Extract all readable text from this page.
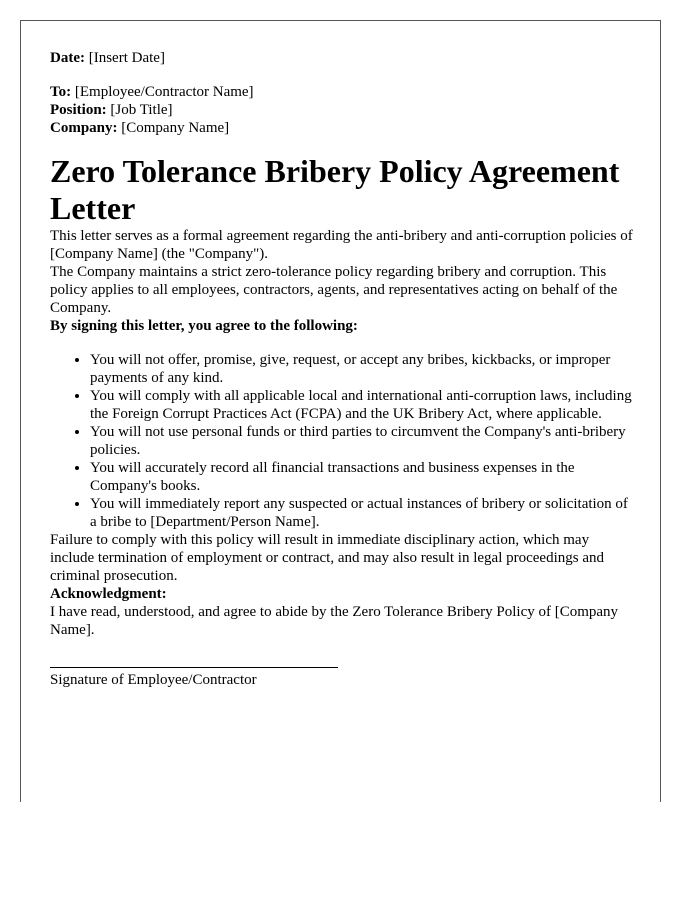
Date: [Insert Date]

To: [Employee/Contractor Name]

Position: [Job Title]

Company: [Company Name]

Zero Tolerance Bribery Policy Agreement Letter

This letter serves as a formal agreement regarding the anti-bribery and anti-corruption policies of [Company Name] (the "Company").

The Company maintains a strict zero-tolerance policy regarding bribery and corruption. This policy applies to all employees, contractors, agents, and representatives acting on behalf of the Company.

By signing this letter, you agree to the following:

• You will not offer, promise, give, request, or accept any bribes, kickbacks, or improper payments of any kind.
• You will comply with all applicable local and international anti-corruption laws, including the Foreign Corrupt Practices Act (FCPA) and the UK Bribery Act, where applicable.
• You will not use personal funds or third parties to circumvent the Company's anti-bribery policies.
• You will accurately record all financial transactions and business expenses in the Company's books.
• You will immediately report any suspected or actual instances of bribery or solicitation of a bribe to [Department/Person Name].

Failure to comply with this policy will result in immediate disciplinary action, which may include termination of employment or contract, and may also result in legal proceedings and criminal prosecution.

Acknowledgment:

I have read, understood, and agree to abide by the Zero Tolerance Bribery Policy of [Company Name].

Signature of Employee/Contractor
